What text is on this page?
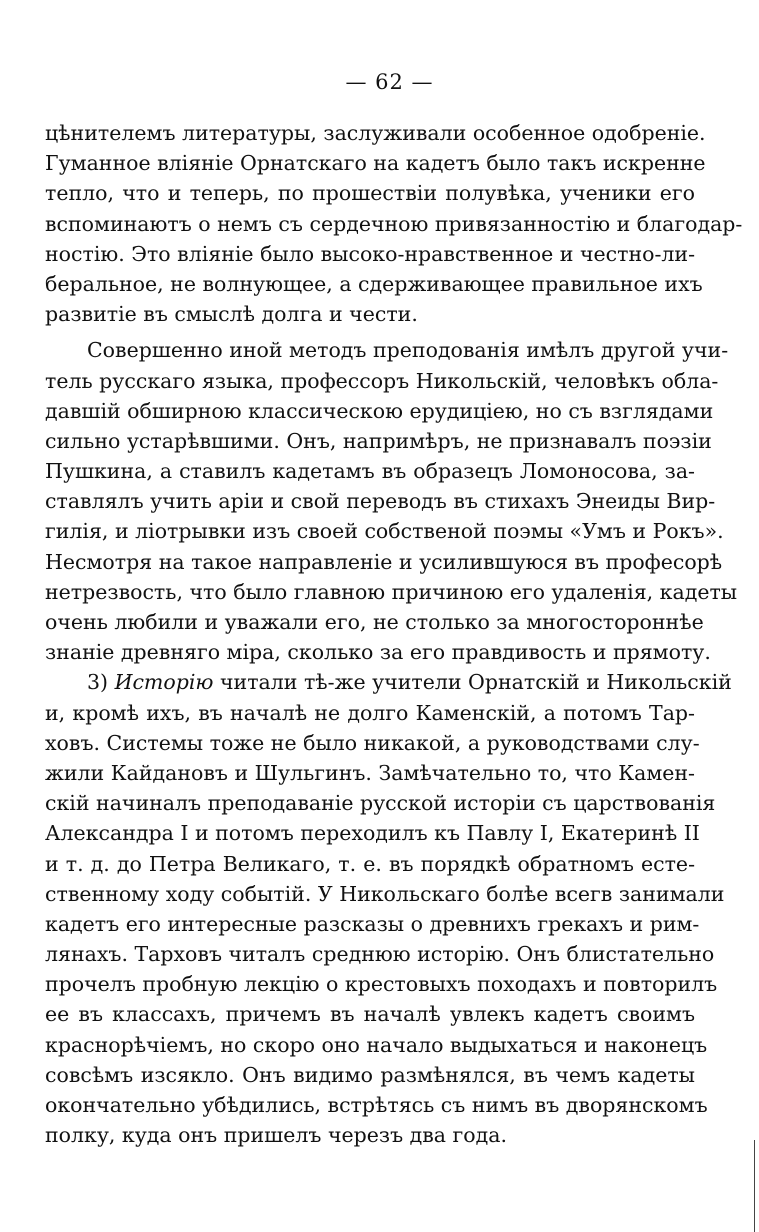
— 62 —
цѣнителемъ литературы, заслуживали особенное одобреніе.
Гуманное вліяніе Орнатскаго на кадетъ было такъ искренне
тепло, что и теперь, по прошествіи полувѣка, ученики его
вспоминаютъ о немъ съ сердечною привязанностію и благодар-
ностію. Это вліяніе было высоко-нравственное и честно-ли-
беральное, не волнующее, а сдерживающее правильное ихъ
развитіе въ смыслѣ долга и чести.
Совершенно иной методъ преподованія имѣлъ другой учи-
тель русскаго языка, профессоръ Никольскій, человѣкъ обла-
давшій обширною классическою ерудиціею, но съ взглядами
сильно устарѣвшими. Онъ, напримѣръ, не признавалъ поэзіи
Пушкина, а ставилъ кадетамъ въ образецъ Ломоносова, за-
ставлялъ учить аріи и свой переводъ въ стихахъ Энеиды Вир-
гилія, и ліотрывки изъ своей собственой поэмы «Умъ и Рокъ».
Несмотря на такое направленіе и усилившуюся въ професорѣ
нетрезвость, что было главною причиною его удаленія, кадеты
очень любили и уважали его, не столько за многостороннѣе
знаніе древняго міра, сколько за его правдивость и прямоту.
3) Исторію читали тѣ-же учители Орнатскій и Никольскій
и, кромѣ ихъ, въ началѣ не долго Каменскій, а потомъ Тар-
ховъ. Системы тоже не было никакой, а руководствами слу-
жили Кайдановъ и Шульгинъ. Замѣчательно то, что Камен-
скій начиналъ преподаваніе русской исторіи съ царствованія
Александра I и потомъ переходилъ къ Павлу I, Екатеринѣ II
и т. д. до Петра Великаго, т. е. въ порядкѣ обратномъ есте-
ственному ходу событій. У Никольскаго болѣе всегв занимали
кадетъ его интересные разсказы о древнихъ грекахъ и рим-
лянахъ. Тарховъ читалъ среднюю исторію. Онъ блистательно
прочелъ пробную лекцію о крестовыхъ походахъ и повторилъ
ее въ классахъ, причемъ въ началѣ увлекъ кадетъ своимъ
краснорѣчіемъ, но скоро оно начало выдыхаться и наконецъ
совсѣмъ изсякло. Онъ видимо размѣнялся, въ чемъ кадеты
окончательно убѣдились, встрѣтясь съ нимъ въ дворянскомъ
полку, куда онъ пришелъ черезъ два года.
